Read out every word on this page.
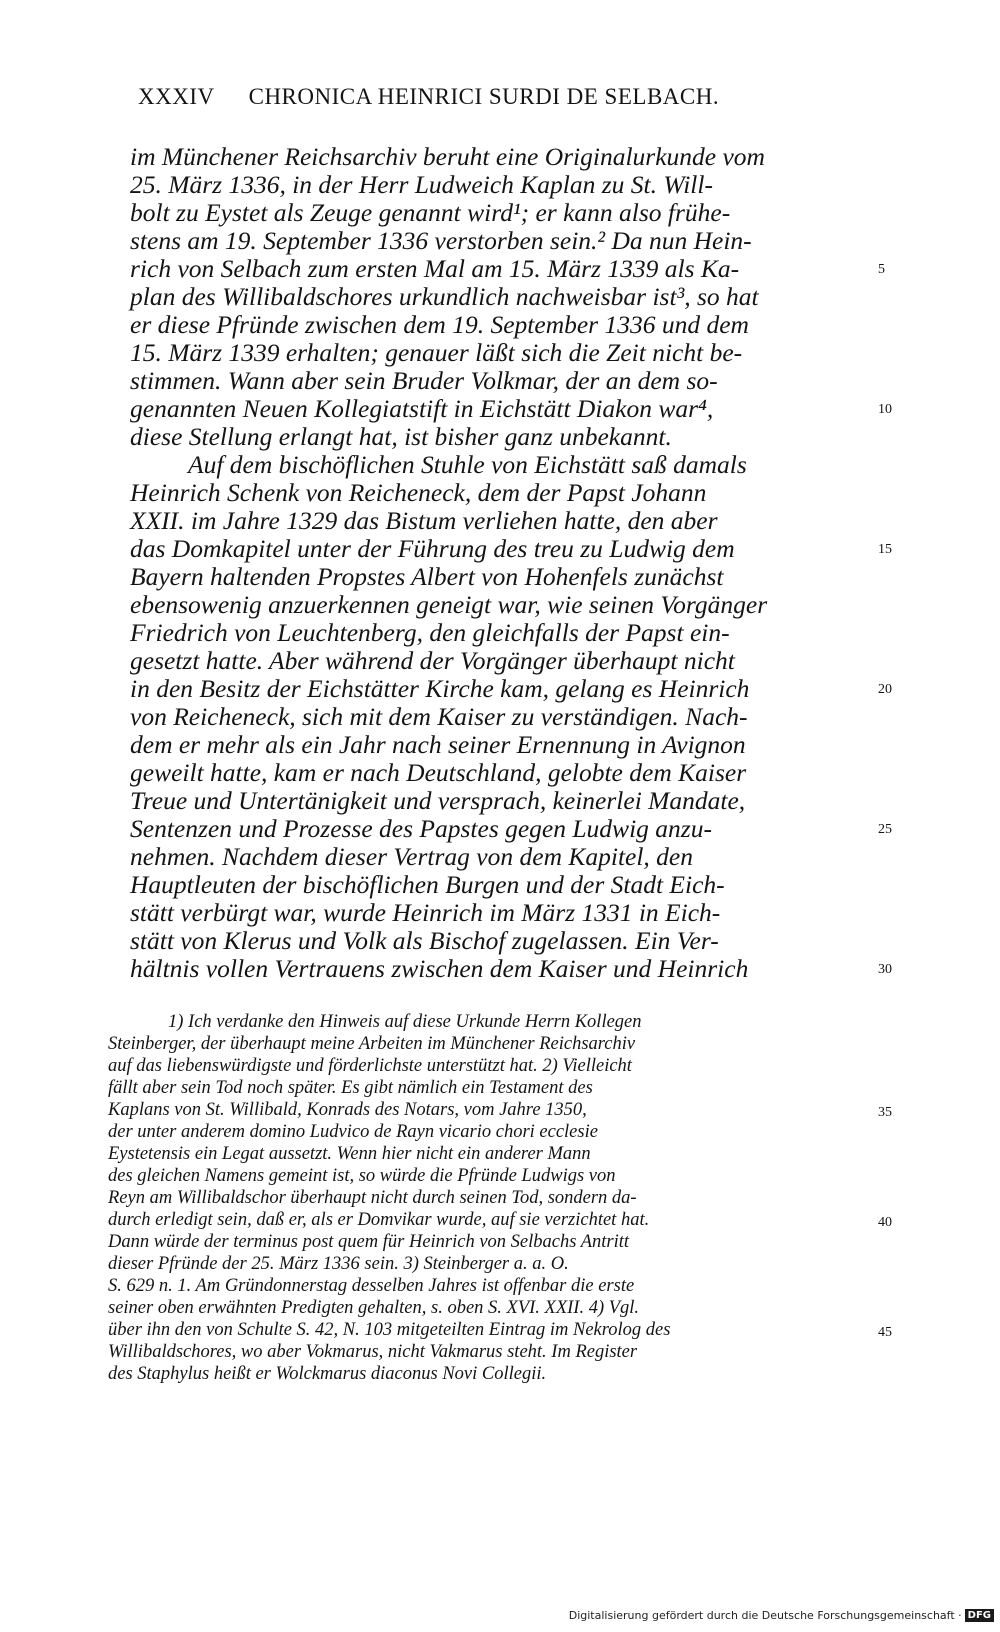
XXXIV CHRONICA HEINRICI SURDI DE SELBACH.
im Münchener Reichsarchiv beruht eine Originalurkunde vom
25. März 1336, in der Herr Ludweich Kaplan zu St. Will-
bolt zu Eystet als Zeuge genannt wird¹; er kann also frühe-
stens am 19. September 1336 verstorben sein.² Da nun Hein-
rich von Selbach zum ersten Mal am 15. März 1339 als Ka-
plan des Willibaldschores urkundlich nachweisbar ist³, so hat
er diese Pfründe zwischen dem 19. September 1336 und dem
15. März 1339 erhalten; genauer läßt sich die Zeit nicht be-
stimmen. Wann aber sein Bruder Volkmar, der an dem so-
genannten Neuen Kollegiatstift in Eichstätt Diakon war⁴,
diese Stellung erlangt hat, ist bisher ganz unbekannt.
Auf dem bischöflichen Stuhle von Eichstätt saß damals
Heinrich Schenk von Reicheneck, dem der Papst Johann
XXII. im Jahre 1329 das Bistum verliehen hatte, den aber
das Domkapitel unter der Führung des treu zu Ludwig dem
Bayern haltenden Propstes Albert von Hohenfels zunächst
ebensowenig anzuerkennen geneigt war, wie seinen Vorgänger
Friedrich von Leuchtenberg, den gleichfalls der Papst ein-
gesetzt hatte. Aber während der Vorgänger überhaupt nicht
in den Besitz der Eichstätter Kirche kam, gelang es Heinrich
von Reicheneck, sich mit dem Kaiser zu verständigen. Nach-
dem er mehr als ein Jahr nach seiner Ernennung in Avignon
geweilt hatte, kam er nach Deutschland, gelobte dem Kaiser
Treue und Untertänigkeit und versprach, keinerlei Mandate,
Sentenzen und Prozesse des Papstes gegen Ludwig anzu-
nehmen. Nachdem dieser Vertrag von dem Kapitel, den
Hauptleuten der bischöflichen Burgen und der Stadt Eich-
stätt verbürgt war, wurde Heinrich im März 1331 in Eich-
stätt von Klerus und Volk als Bischof zugelassen. Ein Ver-
hältnis vollen Vertrauens zwischen dem Kaiser und Heinrich
1) Ich verdanke den Hinweis auf diese Urkunde Herrn Kollegen
Steinberger, der überhaupt meine Arbeiten im Münchener Reichsarchiv
auf das liebenswürdigste und förderlichste unterstützt hat. 2) Vielleicht
fällt aber sein Tod noch später. Es gibt nämlich ein Testament des
Kaplans von St. Willibald, Konrads des Notars, vom Jahre 1350,
der unter anderem domino Ludvico de Rayn vicario chori ecclesie
Eystetensis ein Legat aussetzt. Wenn hier nicht ein anderer Mann
des gleichen Namens gemeint ist, so würde die Pfründe Ludwigs von
Reyn am Willibaldschor überhaupt nicht durch seinen Tod, sondern da-
durch erledigt sein, daß er, als er Domvikar wurde, auf sie verzichtet hat.
Dann würde der terminus post quem für Heinrich von Selbachs Antritt
dieser Pfründe der 25. März 1336 sein. 3) Steinberger a. a. O.
S. 629 n. 1. Am Gründonnerstag desselben Jahres ist offenbar die erste
seiner oben erwähnten Predigten gehalten, s. oben S. XVI. XXII. 4) Vgl.
über ihn den von Schulte S. 42, N. 103 mitgeteilten Eintrag im Nekrolog des
Willibaldschores, wo aber Vokmarus, nicht Vakmarus steht. Im Register
des Staphylus heißt er Wolckmarus diaconus Novi Collegii.
5
10
15
20
25
30
35
40
45
Digitalisierung gefördert durch die Deutsche Forschungsgemeinschaft · DFG
